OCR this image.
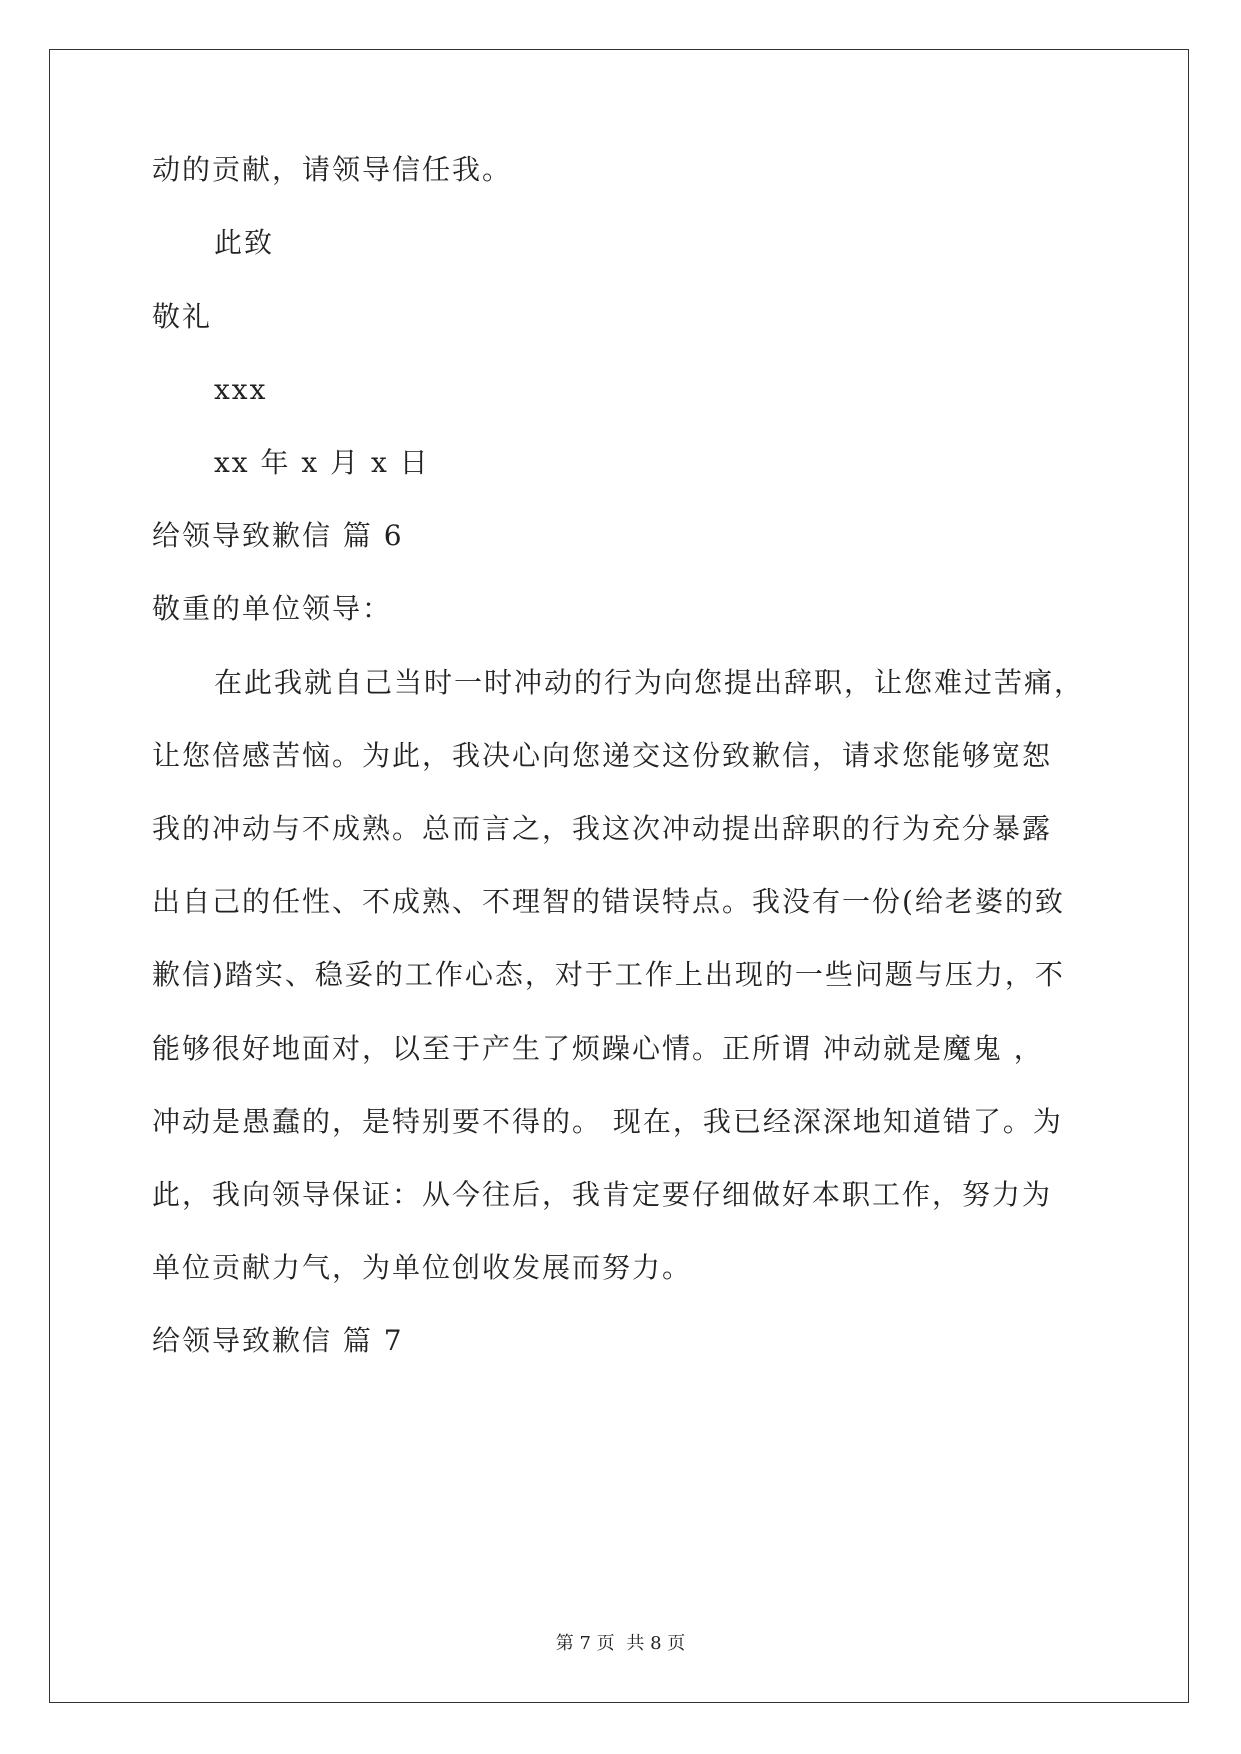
动的贡献，请领导信任我。
此致
敬礼
xxx
xx 年 x 月 x 日
给领导致歉信 篇 6
敬重的单位领导：
在此我就自己当时一时冲动的行为向您提出辞职，让您难过苦痛，
让您倍感苦恼。为此，我决心向您递交这份致歉信，请求您能够宽恕
我的冲动与不成熟。总而言之，我这次冲动提出辞职的行为充分暴露
出自己的任性、不成熟、不理智的错误特点。我没有一份(给老婆的致
歉信)踏实、稳妥的工作心态，对于工作上出现的一些问题与压力，不
能够很好地面对，以至于产生了烦躁心情。正所谓 冲动就是魔鬼 ，
冲动是愚蠢的，是特别要不得的。 现在，我已经深深地知道错了。为
此，我向领导保证：从今往后，我肯定要仔细做好本职工作，努力为
单位贡献力气，为单位创收发展而努力。
给领导致歉信 篇 7
第 7 页 共 8 页
